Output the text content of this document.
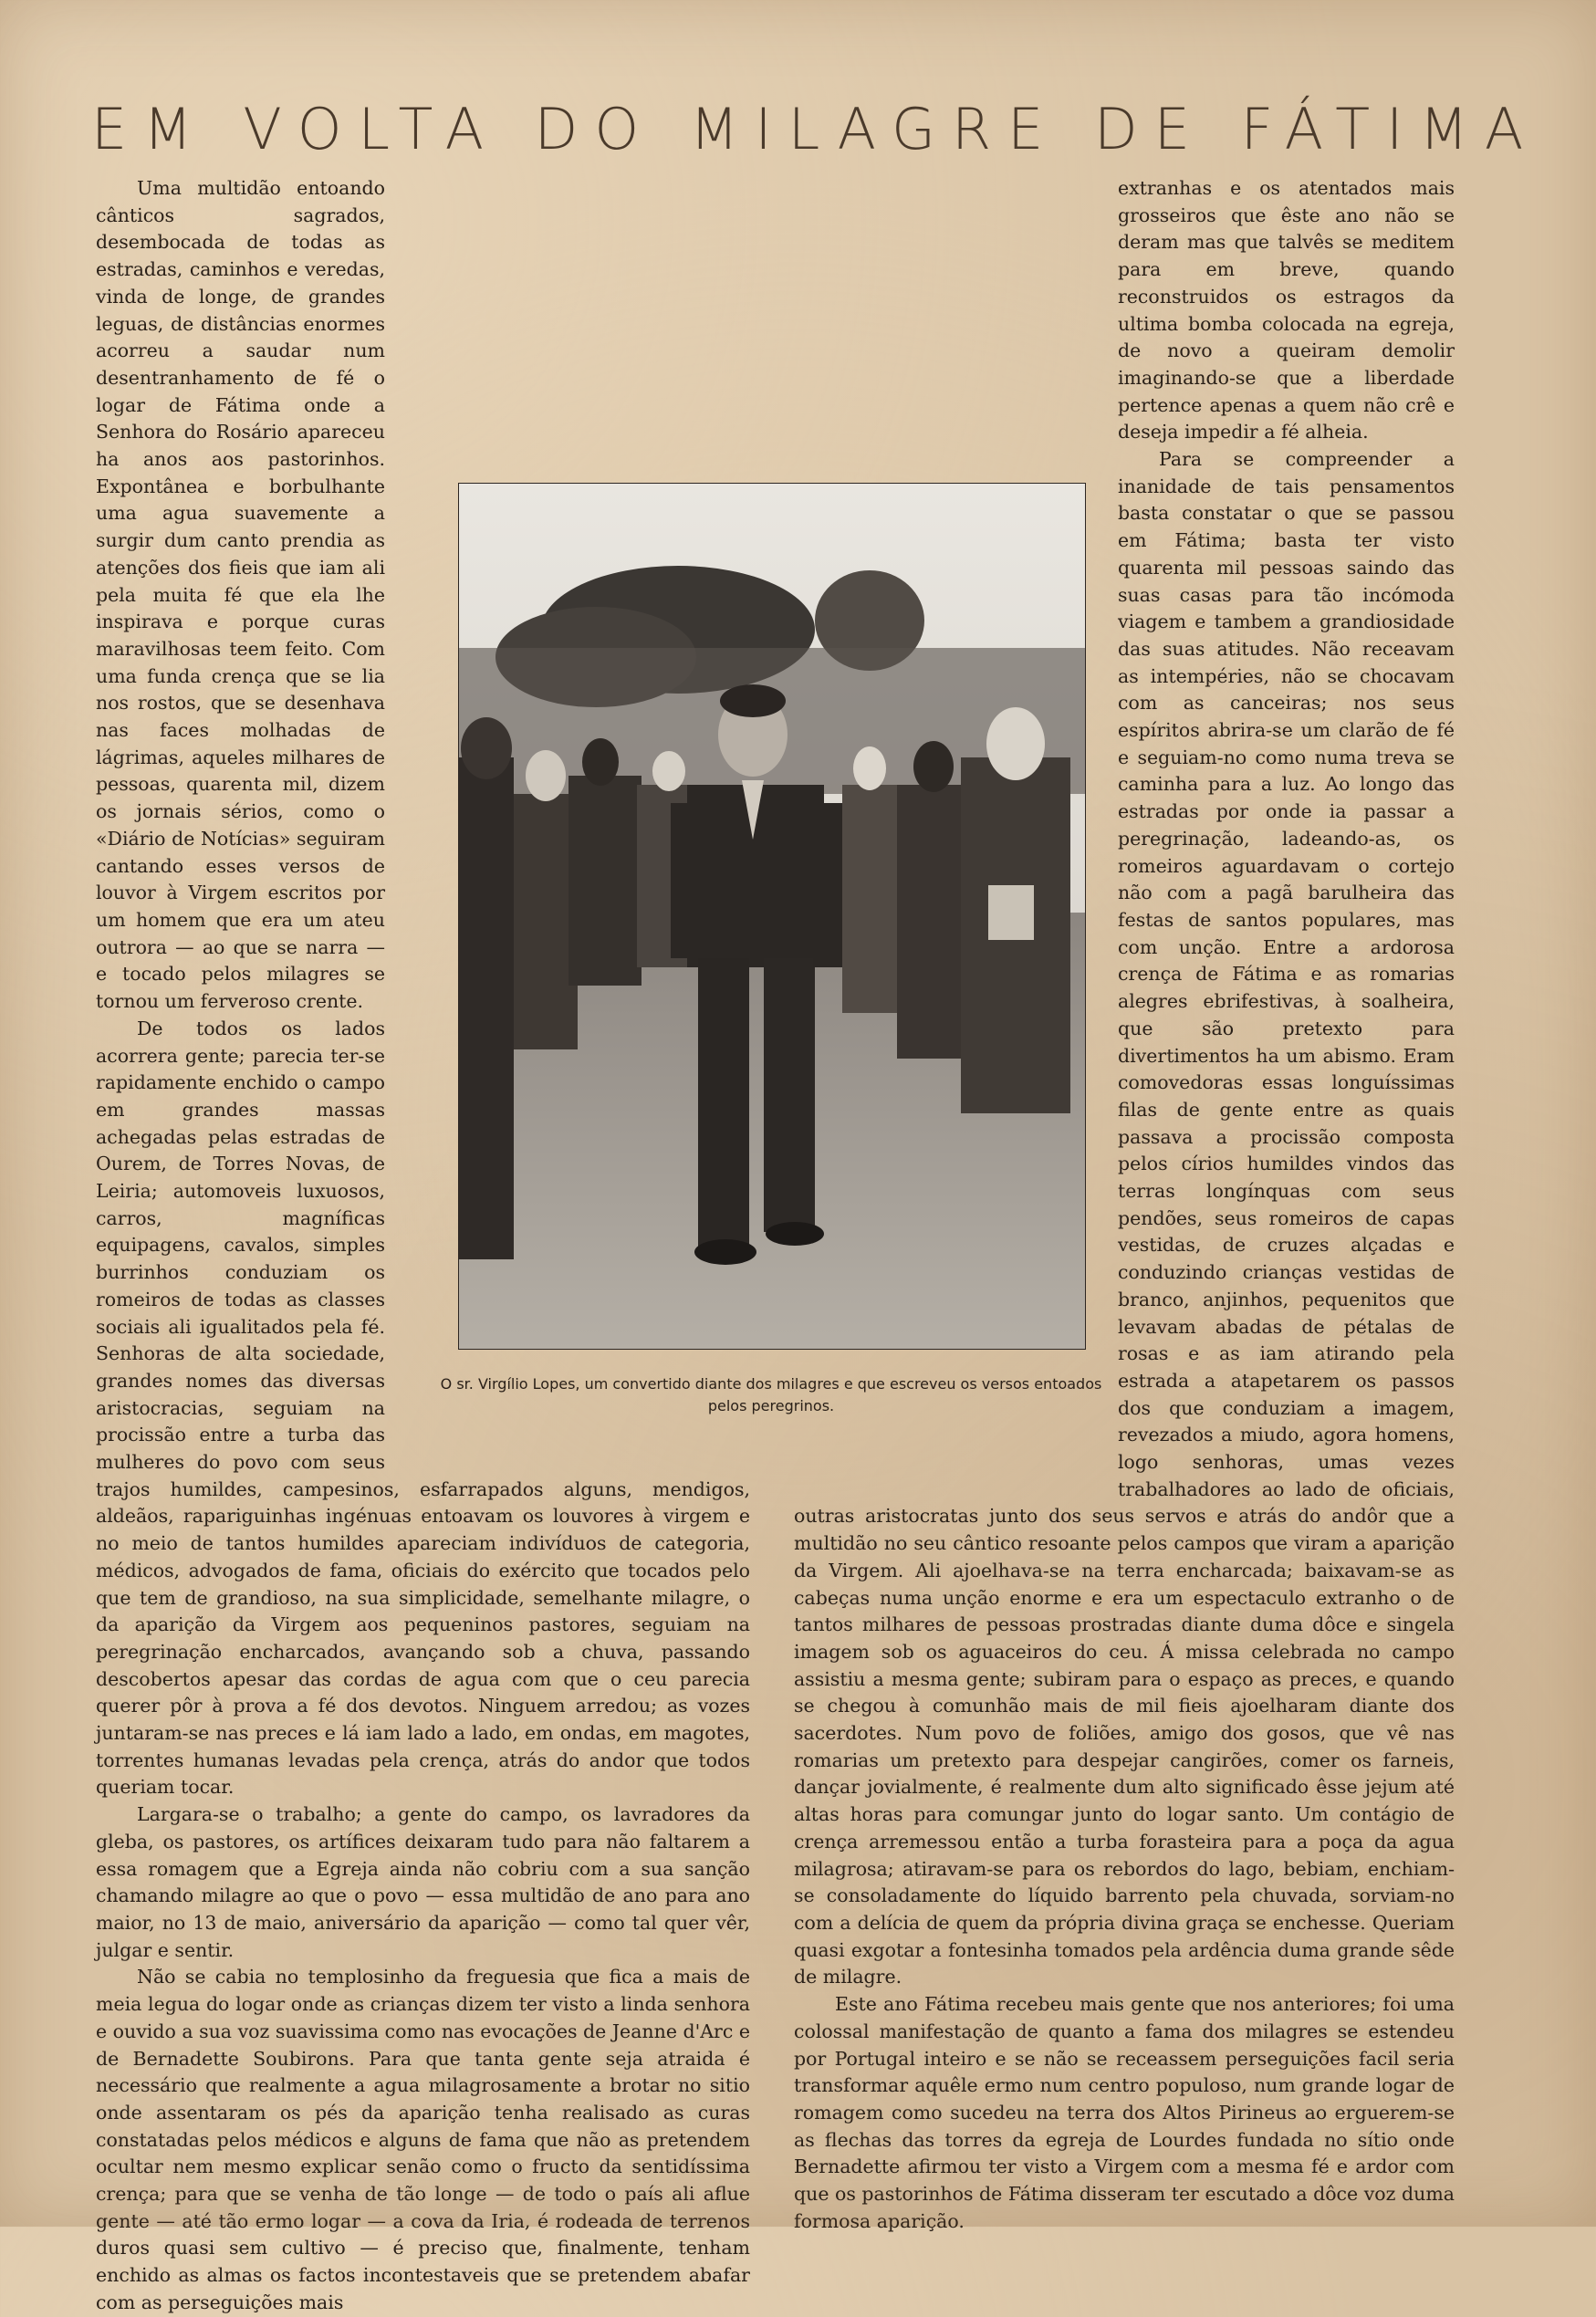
EM VOLTA DO MILAGRE DE FÁTIMA

Uma multidão entoando cânticos sagrados, desembocada de todas as estradas, caminhos e veredas, vinda de longe, de grandes leguas, de distâncias enormes acorreu a saudar num desentranhamento de fé o logar de Fátima onde a Senhora do Rosário apareceu ha anos aos pastorinhos. Expontânea e borbulhante uma agua suavemente a surgir dum canto prendia as atenções dos fieis que iam ali pela muita fé que ela lhe inspirava e porque curas maravilhosas teem feito. Com uma funda crença que se lia nos rostos, que se desenhava nas faces molhadas de lágrimas, aqueles milhares de pessoas, quarenta mil, dizem os jornais sérios, como o «Diário de Notícias» seguiram cantando esses versos de louvor à Virgem escritos por um homem que era um ateu outrora — ao que se narra — e tocado pelos milagres se tornou um ferveroso crente.

De todos os lados acorrera gente; parecia ter-se rapidamente enchido o campo em grandes massas achegadas pelas estradas de Ourem, de Torres Novas, de Leiria; automoveis luxuosos, carros, magníficas equipagens, cavalos, simples burrinhos conduziam os romeiros de todas as classes sociais ali igualitados pela fé. Senhoras de alta sociedade, grandes nomes das diversas aristocracias, seguiam na procissão entre a turba das mulheres do povo com seus trajos humildes, campesinos, esfarrapados alguns, mendigos, aldeãos, rapariguinhas ingénuas entoavam os louvores à virgem e no meio de tantos humildes apareciam indivíduos de categoria, médicos, advogados de fama, oficiais do exército que tocados pelo que tem de grandioso, na sua simplicidade, semelhante milagre, o da aparição da Virgem aos pequeninos pastores, seguiam na peregrinação encharcados, avançando sob a chuva, passando descobertos apesar das cordas de agua com que o ceu parecia querer pôr à prova a fé dos devotos. Ninguem arredou; as vozes juntaram-se nas preces e lá iam lado a lado, em ondas, em magotes, torrentes humanas levadas pela crença, atrás do andor que todos queriam tocar.

Largara-se o trabalho; a gente do campo, os lavradores da gleba, os pastores, os artífices deixaram tudo para não faltarem a essa romagem que a Egreja ainda não cobriu com a sua sanção chamando milagre ao que o povo — essa multidão de ano para ano maior, no 13 de maio, aniversário da aparição — como tal quer vêr, julgar e sentir.

Não se cabia no templosinho da freguesia que fica a mais de meia legua do logar onde as crianças dizem ter visto a linda senhora e ouvido a sua voz suavissima como nas evocações de Jeanne d'Arc e de Bernadette Soubirons. Para que tanta gente seja atraida é necessário que realmente a agua milagrosamente a brotar no sitio onde assentaram os pés da aparição tenha realisado as curas constatadas pelos médicos e alguns de fama que não as pretendem ocultar nem mesmo explicar senão como o fructo da sentidíssima crença; para que se venha de tão longe — de todo o país ali aflue gente — até tão ermo logar — a cova da Iria, é rodeada de terrenos duros quasi sem cultivo — é preciso que, finalmente, tenham enchido as almas os factos incontestaveis que se pretendem abafar com as perseguições mais

extranhas e os atentados mais grosseiros que êste ano não se deram mas que talvês se meditem para em breve, quando reconstruidos os estragos da ultima bomba colocada na egreja, de novo a queiram demolir imaginando-se que a liberdade pertence apenas a quem não crê e deseja impedir a fé alheia.

Para se compreender a inanidade de tais pensamentos basta constatar o que se passou em Fátima; basta ter visto quarenta mil pessoas saindo das suas casas para tão incómoda viagem e tambem a grandiosidade das suas atitudes. Não receavam as intempéries, não se chocavam com as canceiras; nos seus espíritos abrira-se um clarão de fé e seguiam-no como numa treva se caminha para a luz. Ao longo das estradas por onde ia passar a peregrinação, ladeando-as, os romeiros aguardavam o cortejo não com a pagã barulheira das festas de santos populares, mas com unção. Entre a ardorosa crença de Fátima e as romarias alegres ebrifestivas, à soalheira, que são pretexto para divertimentos ha um abismo. Eram comovedoras essas longuíssimas filas de gente entre as quais passava a procissão composta pelos círios humildes vindos das terras longínquas com seus pendões, seus romeiros de capas vestidas, de cruzes alçadas e conduzindo crianças vestidas de branco, anjinhos, pequenitos que levavam abadas de pétalas de rosas e as iam atirando pela estrada a atapetarem os passos dos que conduziam a imagem, revezados a miudo, agora homens, logo senhoras, umas vezes trabalhadores ao lado de oficiais, outras aristocratas junto dos seus servos e atrás do andôr que a multidão no seu cântico resoante pelos campos que viram a aparição da Virgem. Ali ajoelhava-se na terra encharcada; baixavam-se as cabeças numa unção enorme e era um espectaculo extranho o de tantos milhares de pessoas prostradas diante duma dôce e singela imagem sob os aguaceiros do ceu. Á missa celebrada no campo assistiu a mesma gente; subiram para o espaço as preces, e quando se chegou à comunhão mais de mil fieis ajoelharam diante dos sacerdotes. Num povo de foliões, amigo dos gosos, que vê nas romarias um pretexto para despejar cangirões, comer os farneis, dançar jovialmente, é realmente dum alto significado êsse jejum até altas horas para comungar junto do logar santo. Um contágio de crença arremessou então a turba forasteira para a poça da agua milagrosa; atiravam-se para os rebordos do lago, bebiam, enchiam-se consoladamente do líquido barrento pela chuvada, sorviam-no com a delícia de quem da própria divina graça se enchesse. Queriam quasi exgotar a fontesinha tomados pela ardência duma grande sêde de milagre.

Este ano Fátima recebeu mais gente que nos anteriores; foi uma colossal manifestação de quanto a fama dos milagres se estendeu por Portugal inteiro e se não se receassem perseguições facil seria transformar aquêle ermo num centro populoso, num grande logar de romagem como sucedeu na terra dos Altos Pirineus ao erguerem-se as flechas das torres da egreja de Lourdes fundada no sítio onde Bernadette afirmou ter visto a Virgem com a mesma fé e ardor com que os pastorinhos de Fátima disseram ter escutado a dôce voz duma formosa aparição.

O sr. Virgílio Lopes, um convertido diante dos milagres e que escreveu os versos entoados pelos peregrinos.
